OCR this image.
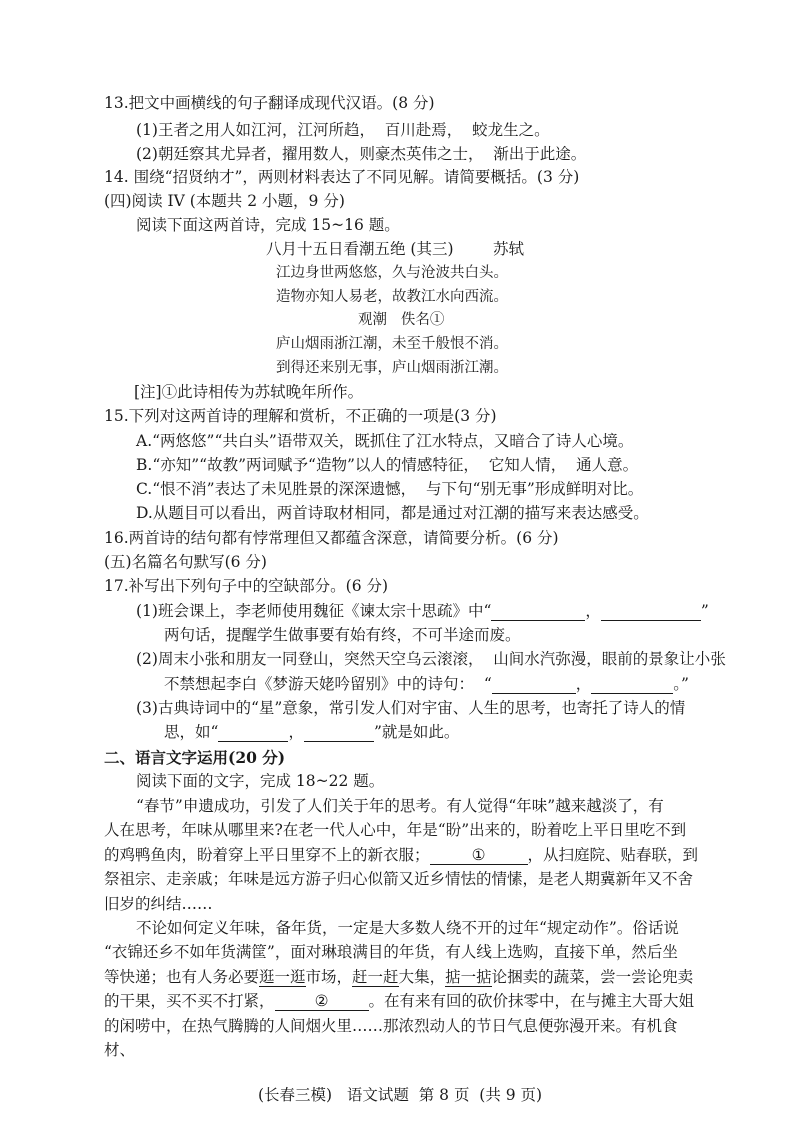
13.把文中画横线的句子翻译成现代汉语。(8 分)
(1)王者之用人如江河，江河所趋，  百川赴焉，  蛟龙生之。
(2)朝廷察其尤异者，擢用数人，则豪杰英伟之士，  渐出于此途。
14. 围绕“招贤纳才”，两则材料表达了不同见解。请简要概括。(3 分)
(四)阅读 IV (本题共 2 小题，9 分)
阅读下面这两首诗，完成 15~16 题。
八月十五日看潮五绝 (其三)        苏轼
江边身世两悠悠，久与沧波共白头。
造物亦知人易老，故教江水向西流。
观潮   佚名①
庐山烟雨浙江潮，未至千般恨不消。
到得还来别无事，庐山烟雨浙江潮。
[注]①此诗相传为苏轼晚年所作。
15.下列对这两首诗的理解和赏析，不正确的一项是(3 分)
A.“两悠悠”“共白头”语带双关，既抓住了江水特点，又暗合了诗人心境。
B.“亦知”“故教”两词赋予“造物”以人的情感特征，  它知人情，  通人意。
C.“恨不消”表达了未见胜景的深深遗憾，  与下句“别无事”形成鲜明对比。
D.从题目可以看出，两首诗取材相同，都是通过对江潮的描写来表达感受。
16.两首诗的结句都有悖常理但又都蕴含深意，请简要分析。(6 分)
(五)名篇名句默写(6 分)
17.补写出下列句子中的空缺部分。(6 分)
(1)班会课上，李老师使用魏征《谏太宗十思疏》中“	，	”
两句话，提醒学生做事要有始有终，不可半途而废。
(2)周末小张和朋友一同登山，突然天空乌云滚滚，  山间水汽弥漫，眼前的景象让小张
不禁想起李白《梦游天姥吟留别》中的诗句：  “	，	。”
(3)古典诗词中的“星”意象，常引发人们对宇宙、人生的思考，也寄托了诗人的情
思，如“	，	”就是如此。
二、语言文字运用(20 分)
阅读下面的文字，完成 18~22 题。
“春节”申遗成功，引发了人们关于年的思考。有人觉得“年味”越来越淡了，有
人在思考，年味从哪里来?在老一代人心中，年是“盼”出来的，盼着吃上平日里吃不到
的鸡鸭鱼肉，盼着穿上平日里穿不上的新衣服；	①	，从扫庭院、贴春联，到
祭祖宗、走亲戚；年味是远方游子归心似箭又近乡情怯的情愫，是老人期冀新年又不舍
旧岁的纠结……
不论如何定义年味，备年货，一定是大多数人绕不开的过年“规定动作”。俗话说
“衣锦还乡不如年货满筐”，面对琳琅满目的年货，有人线上选购，直接下单，然后坐
等快递；也有人务必要逛一逛市场，赶一赶大集，掂一掂论捆卖的蔬菜，尝一尝论兜卖
的干果，买不买不打紧，	②	。在有来有回的砍价抹零中，在与摊主大哥大姐
的闲唠中，在热气腾腾的人间烟火里……那浓烈动人的节日气息便弥漫开来。有机食
材、
(长春三模)   语文试题  第 8 页  (共 9 页)
